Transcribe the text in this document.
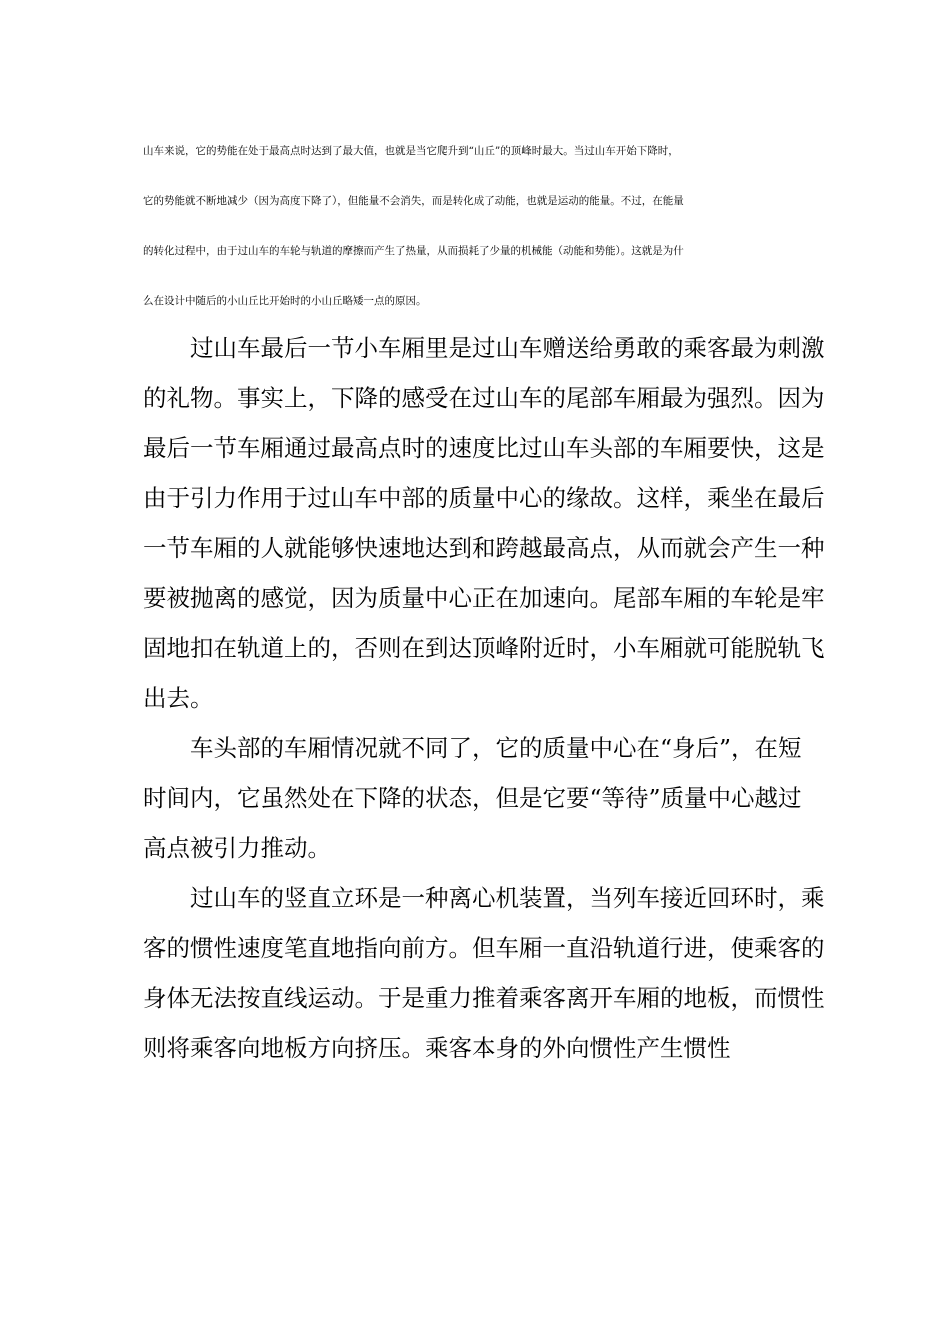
山车来说，它的势能在处于最高点时达到了最大值，也就是当它爬升到“山丘”的顶峰时最大。当过山车开始下降时，
它的势能就不断地减少（因为高度下降了），但能量不会消失，而是转化成了动能，也就是运动的能量。不过，在能量
的转化过程中，由于过山车的车轮与轨道的摩擦而产生了热量，从而损耗了少量的机械能（动能和势能）。这就是为什
么在设计中随后的小山丘比开始时的小山丘略矮一点的原因。
过山车最后一节小车厢里是过山车赠送给勇敢的乘客最为刺激
的礼物。事实上，下降的感受在过山车的尾部车厢最为强烈。因为
最后一节车厢通过最高点时的速度比过山车头部的车厢要快，这是
由于引力作用于过山车中部的质量中心的缘故。这样，乘坐在最后
一节车厢的人就能够快速地达到和跨越最高点，从而就会产生一种
要被抛离的感觉，因为质量中心正在加速向。尾部车厢的车轮是牢
固地扣在轨道上的，否则在到达顶峰附近时，小车厢就可能脱轨飞
出去。
车头部的车厢情况就不同了，它的质量中心在“身后”，在短
时间内，它虽然处在下降的状态，但是它要“等待”质量中心越过
高点被引力推动。
过山车的竖直立环是一种离心机装置，当列车接近回环时，乘
客的惯性速度笔直地指向前方。但车厢一直沿轨道行进，使乘客的
身体无法按直线运动。于是重力推着乘客离开车厢的地板，而惯性
则将乘客向地板方向挤压。乘客本身的外向惯性产生惯性
